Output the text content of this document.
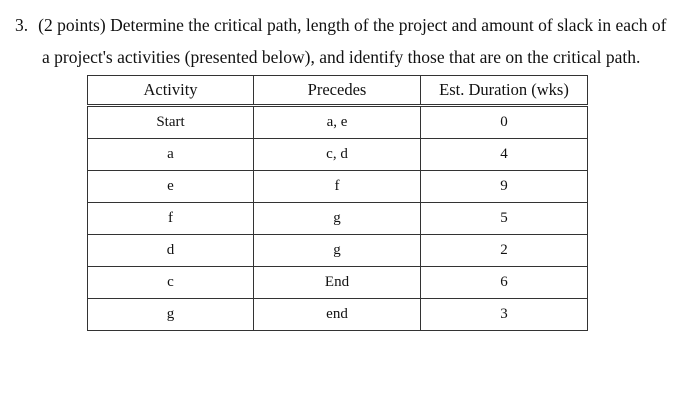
3. (2 points) Determine the critical path, length of the project and amount of slack in each of
a project's activities (presented below), and identify those that are on the critical path.
Activity	Precedes	Est. Duration (wks)
Start	a, e	0
a	c, d	4
e	f	9
f	g	5
d	g	2
c	End	6
g	end	3
